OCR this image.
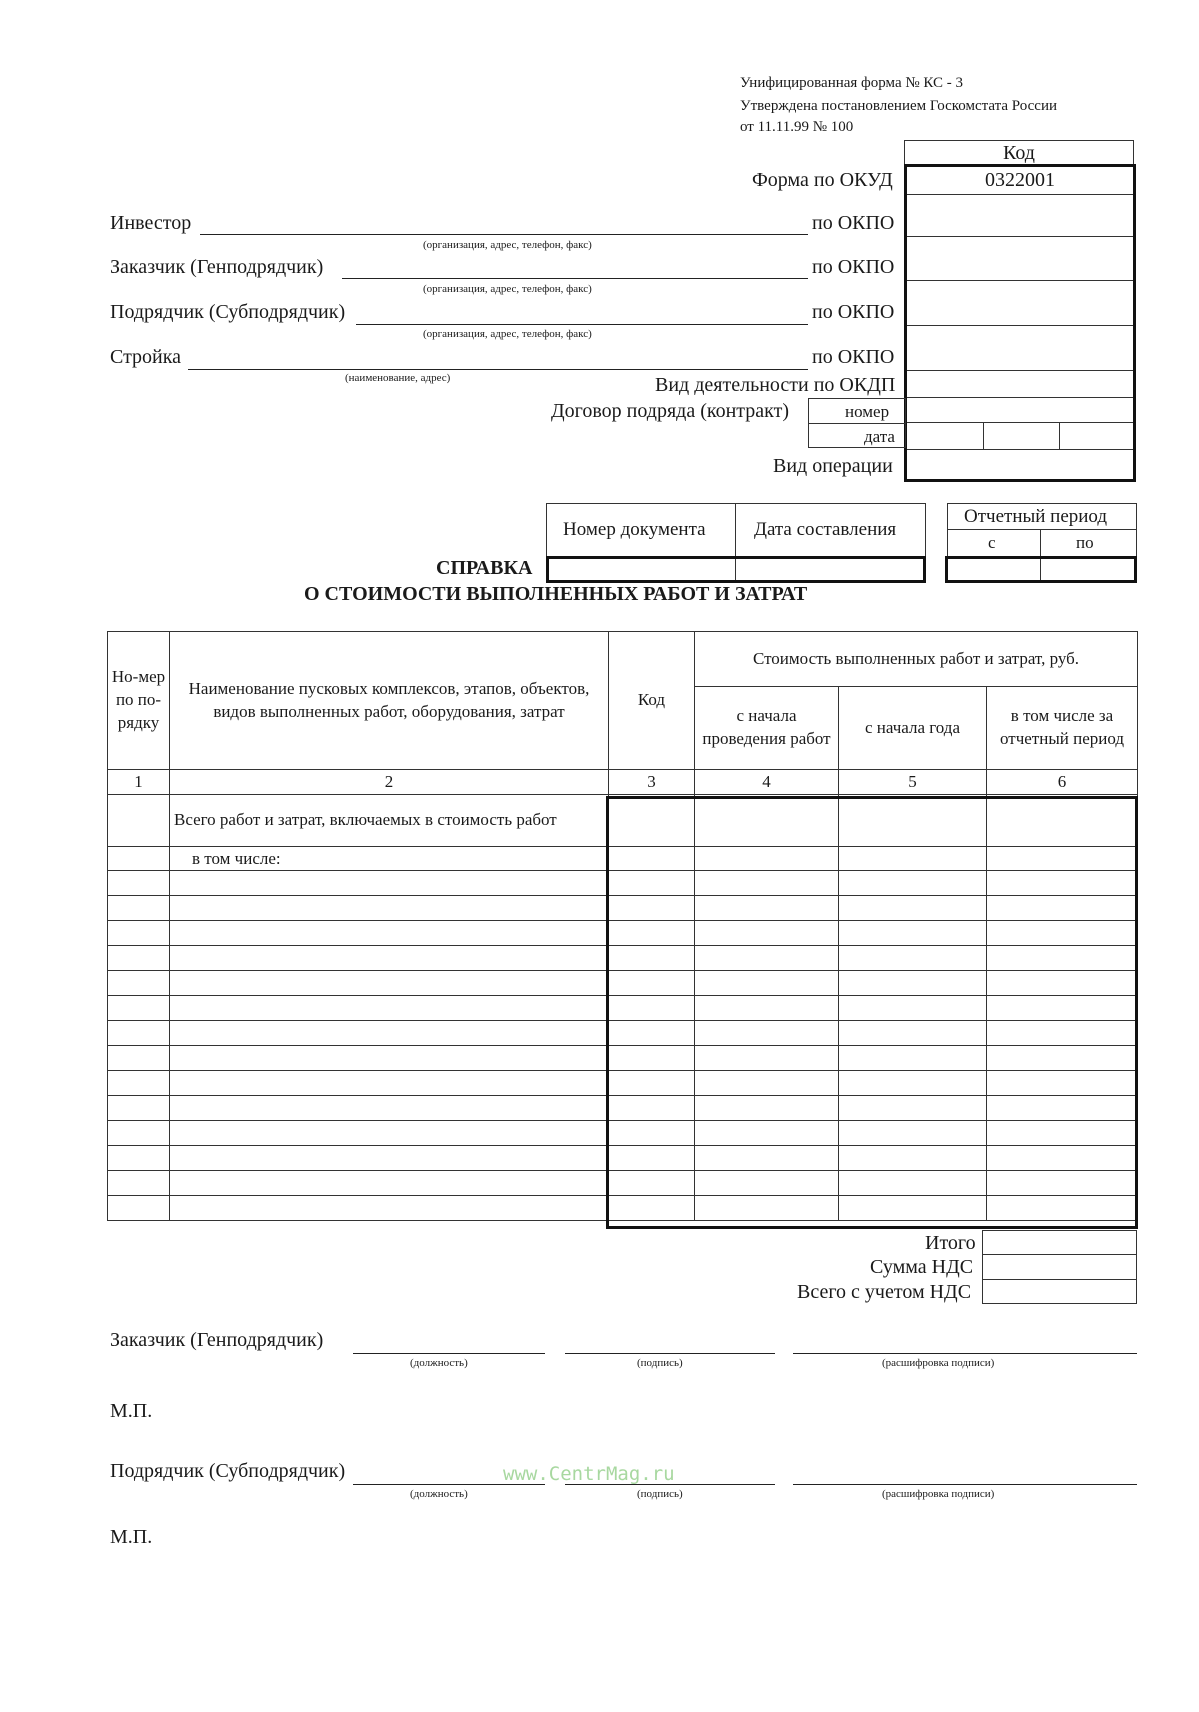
Унифицированная форма № КС - 3
Утверждена постановлением Госкомстата России
от 11.11.99 № 100
Код
0322001
Форма по ОКУД
Инвестор
(организация, адрес, телефон, факс)
по ОКПО
Заказчик (Генподрядчик)
(организация, адрес, телефон, факс)
по ОКПО
Подрядчик (Субподрядчик)
(организация, адрес, телефон, факс)
по ОКПО
Стройка
(наименование, адрес)
по ОКПО
Вид деятельности по ОКДП
Договор подряда (контракт)	номер
дата
Вид операции
Номер документа	Дата составления
Отчетный период
с	по
СПРАВКА
О СТОИМОСТИ ВЫПОЛНЕННЫХ РАБОТ И ЗАТРАТ
Но-мер по по-рядку	Наименование пусковых комплексов, этапов, объектов, видов выполненных работ, оборудования, затрат	Код	Стоимость выполненных работ и затрат, руб.		
			с начала проведения работ	с начала года	в том числе за отчетный период
1	2	3	4	5	6
	Всего работ и затрат, включаемых в стоимость работ				
	в том числе:				

Итого
Сумма НДС
Всего с учетом НДС
Заказчик (Генподрядчик)
(должность)	(подпись)	(расшифровка подписи)
М.П.
Подрядчик (Субподрядчик)
(должность)	(подпись)	(расшифровка подписи)
М.П.
www.CentrMag.ru
